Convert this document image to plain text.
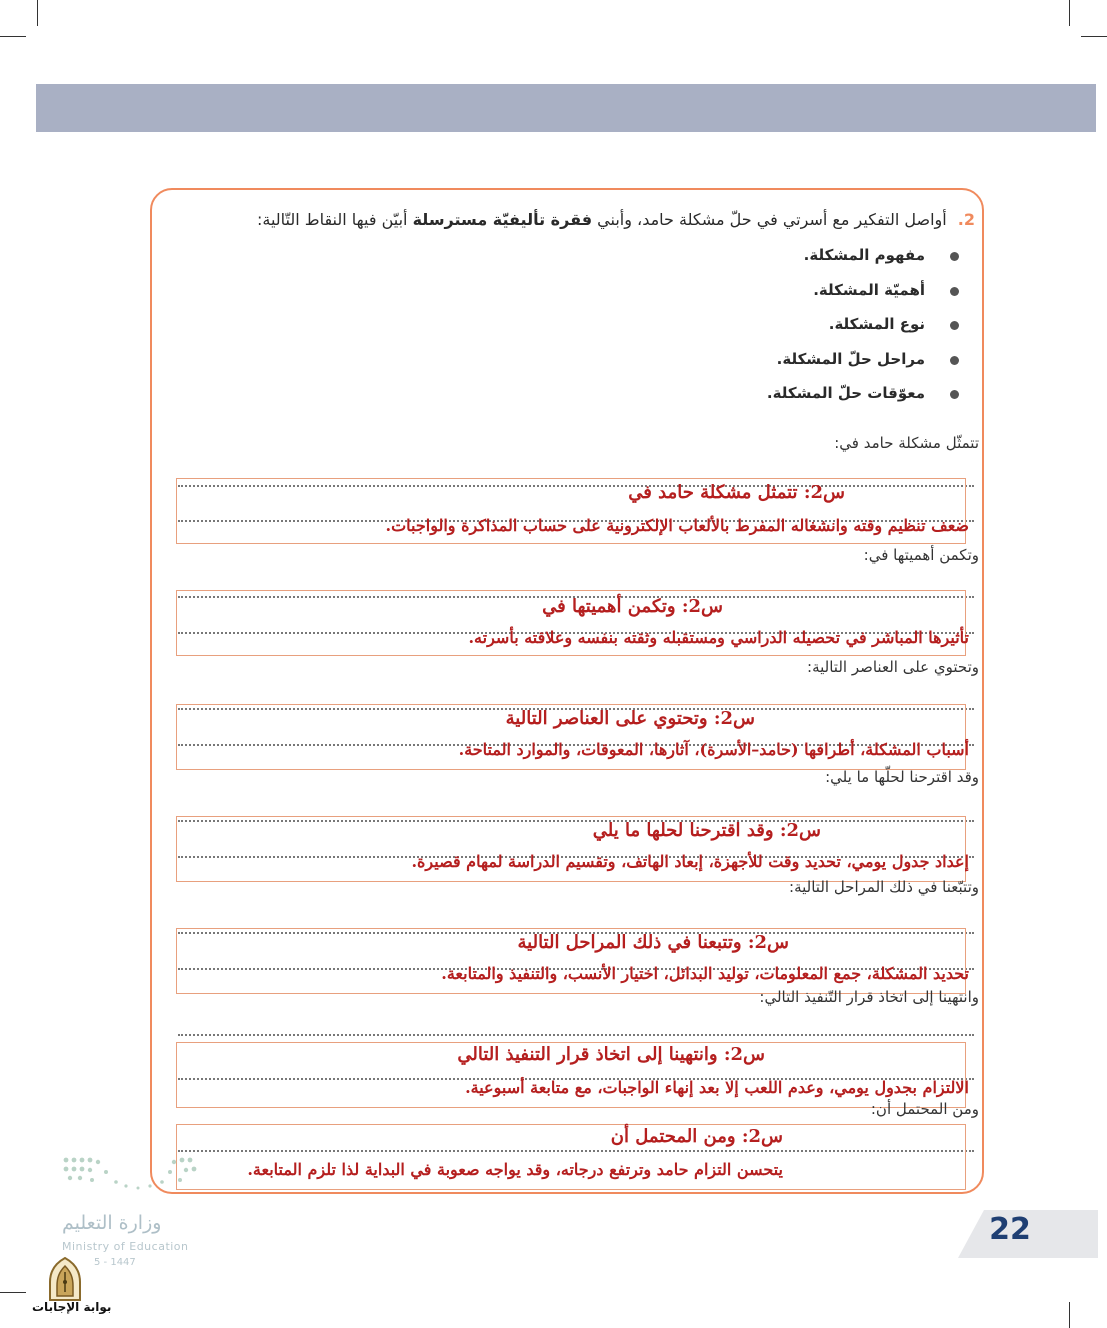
2. أواصل التفكير مع أسرتي في حلّ مشكلة حامد، وأبني فقرة تأليفيّة مسترسلة أبيّن فيها النقاط التّالية:
مفهوم المشكلة.
أهميّة المشكلة.
نوع المشكلة.
مراحل حلّ المشكلة.
معوّقات حلّ المشكلة.
تتمثّل مشكلة حامد في:
س2: تتمثل مشكلة حامد في
ضعف تنظيم وقته وانشغاله المفرط بالألعاب الإلكترونية على حساب المذاكرة والواجبات.
وتكمن أهميتها في:
س2: وتكمن أهميتها في
تأثيرها المباشر في تحصيله الدراسي ومستقبله وثقته بنفسه وعلاقته بأسرته.
وتحتوي على العناصر التالية:
س2: وتحتوي على العناصر التالية
أسباب المشكلة، أطرافها (حامد–الأسرة)، آثارها، المعوقات، والموارد المتاحة.
وقد اقترحنا لحلّها ما يلي:
س2: وقد اقترحنا لحلها ما يلي
إعداد جدول يومي، تحديد وقت للأجهزة، إبعاد الهاتف، وتقسيم الدراسة لمهام قصيرة.
وتتبّعنا في ذلك المراحل التالية:
س2: وتتبعنا في ذلك المراحل التالية
تحديد المشكلة، جمع المعلومات، توليد البدائل، اختيار الأنسب، والتنفيذ والمتابعة.
وانتهينا إلى اتخاذ قرار التّنفيذ التالي:
س2: وانتهينا إلى اتخاذ قرار التنفيذ التالي
الالتزام بجدول يومي، وعدم اللعب إلا بعد إنهاء الواجبات، مع متابعة أسبوعية.
ومن المحتمل أن:
س2: ومن المحتمل أن
يتحسن التزام حامد وترتفع درجاته، وقد يواجه صعوبة في البداية لذا تلزم المتابعة.
22
وزارة التعليم
Ministry of Education
5 - 1447
بوابة الإجابات
